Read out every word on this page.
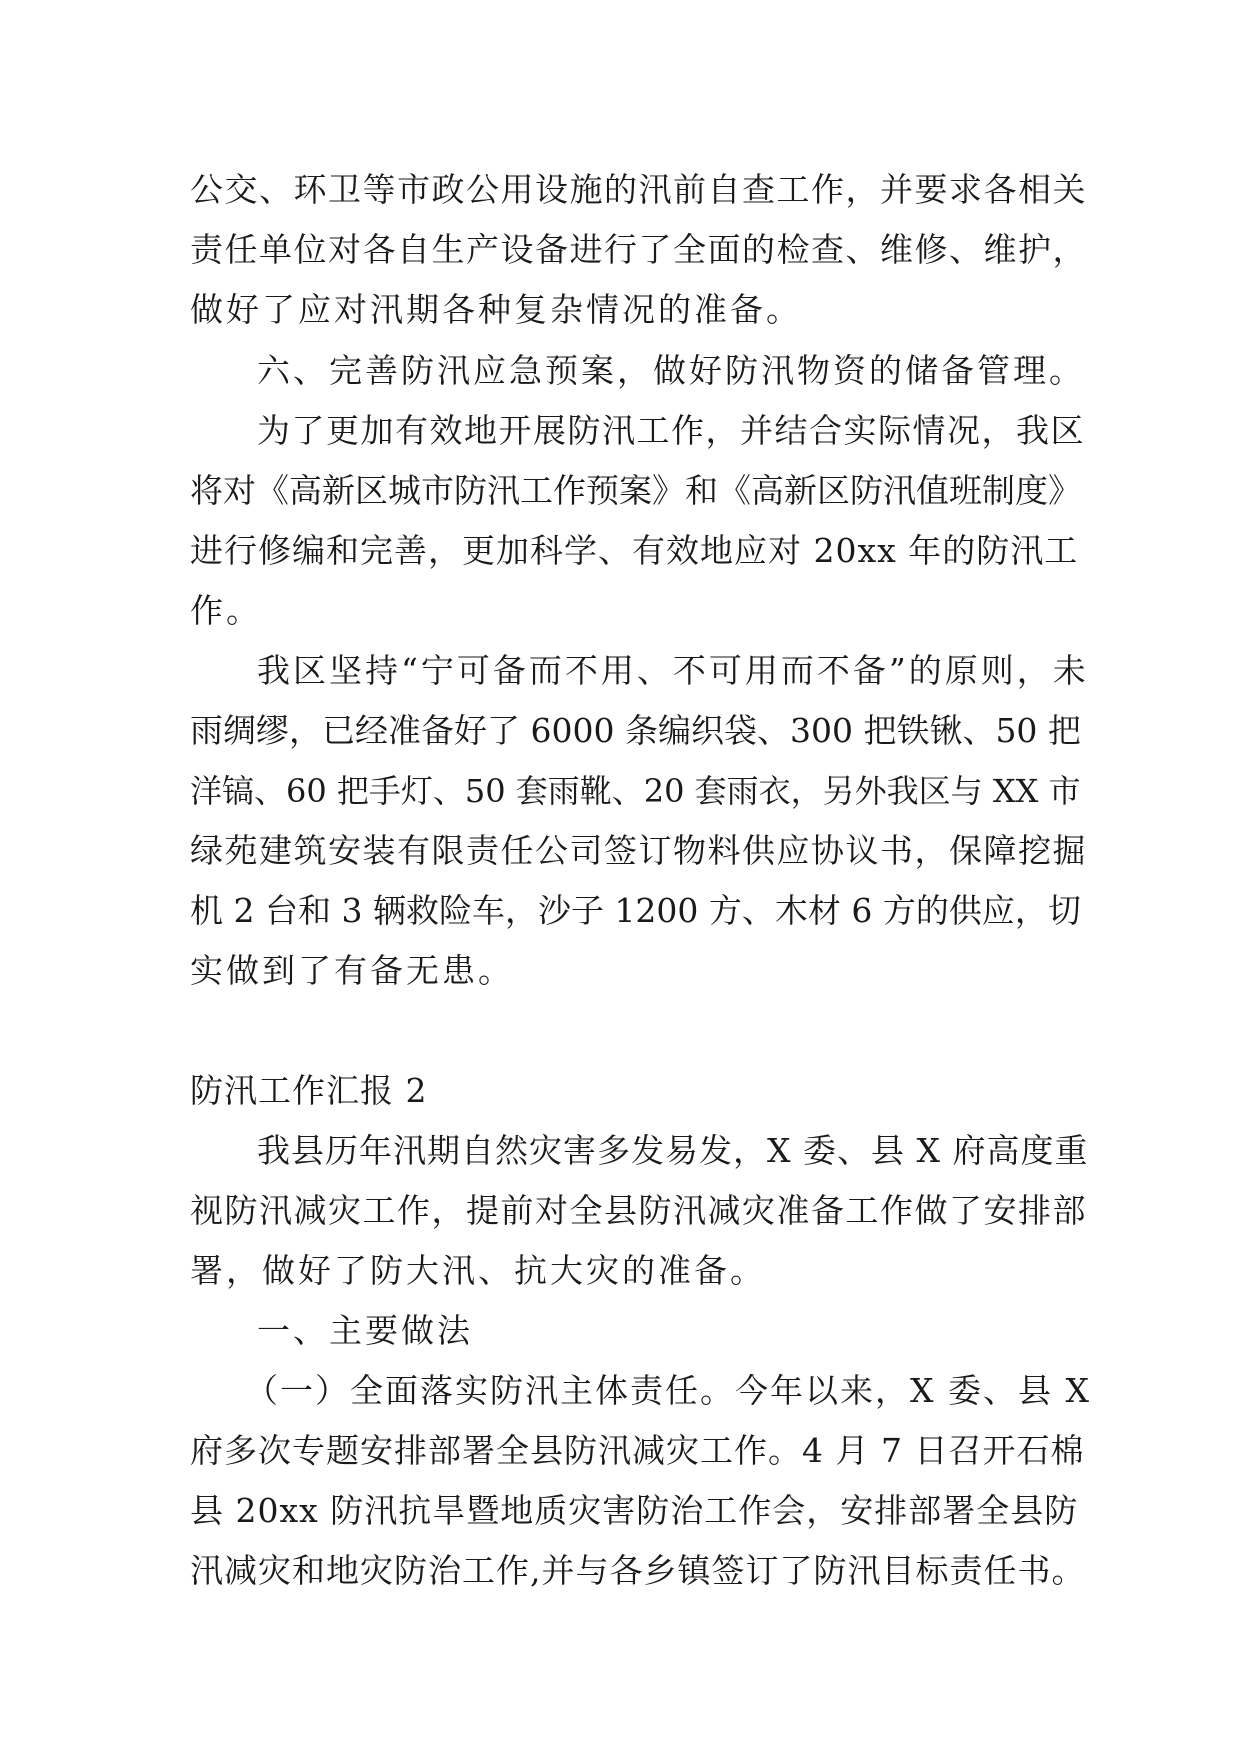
公交、环卫等市政公用设施的汛前自查工作，并要求各相关
责任单位对各自生产设备进行了全面的检查、维修、维护，
做好了应对汛期各种复杂情况的准备。
六、完善防汛应急预案，做好防汛物资的储备管理。
为了更加有效地开展防汛工作，并结合实际情况，我区
将对《高新区城市防汛工作预案》和《高新区防汛值班制度》
进行修编和完善，更加科学、有效地应对 20xx 年的防汛工
作。
我区坚持“宁可备而不用、不可用而不备”的原则，未
雨绸缪，已经准备好了 6000 条编织袋、300 把铁锹、50 把
洋镐、60 把手灯、50 套雨靴、20 套雨衣，另外我区与 XX 市
绿苑建筑安装有限责任公司签订物料供应协议书，保障挖掘
机 2 台和 3 辆救险车，沙子 1200 方、木材 6 方的供应，切
实做到了有备无患。
防汛工作汇报 2
我县历年汛期自然灾害多发易发，X 委、县 X 府高度重
视防汛减灾工作，提前对全县防汛减灾准备工作做了安排部
署，做好了防大汛、抗大灾的准备。
一、主要做法
（一）全面落实防汛主体责任。今年以来，X 委、县 X
府多次专题安排部署全县防汛减灾工作。4 月 7 日召开石棉
县 20xx 防汛抗旱暨地质灾害防治工作会，安排部署全县防
汛减灾和地灾防治工作,并与各乡镇签订了防汛目标责任书。
